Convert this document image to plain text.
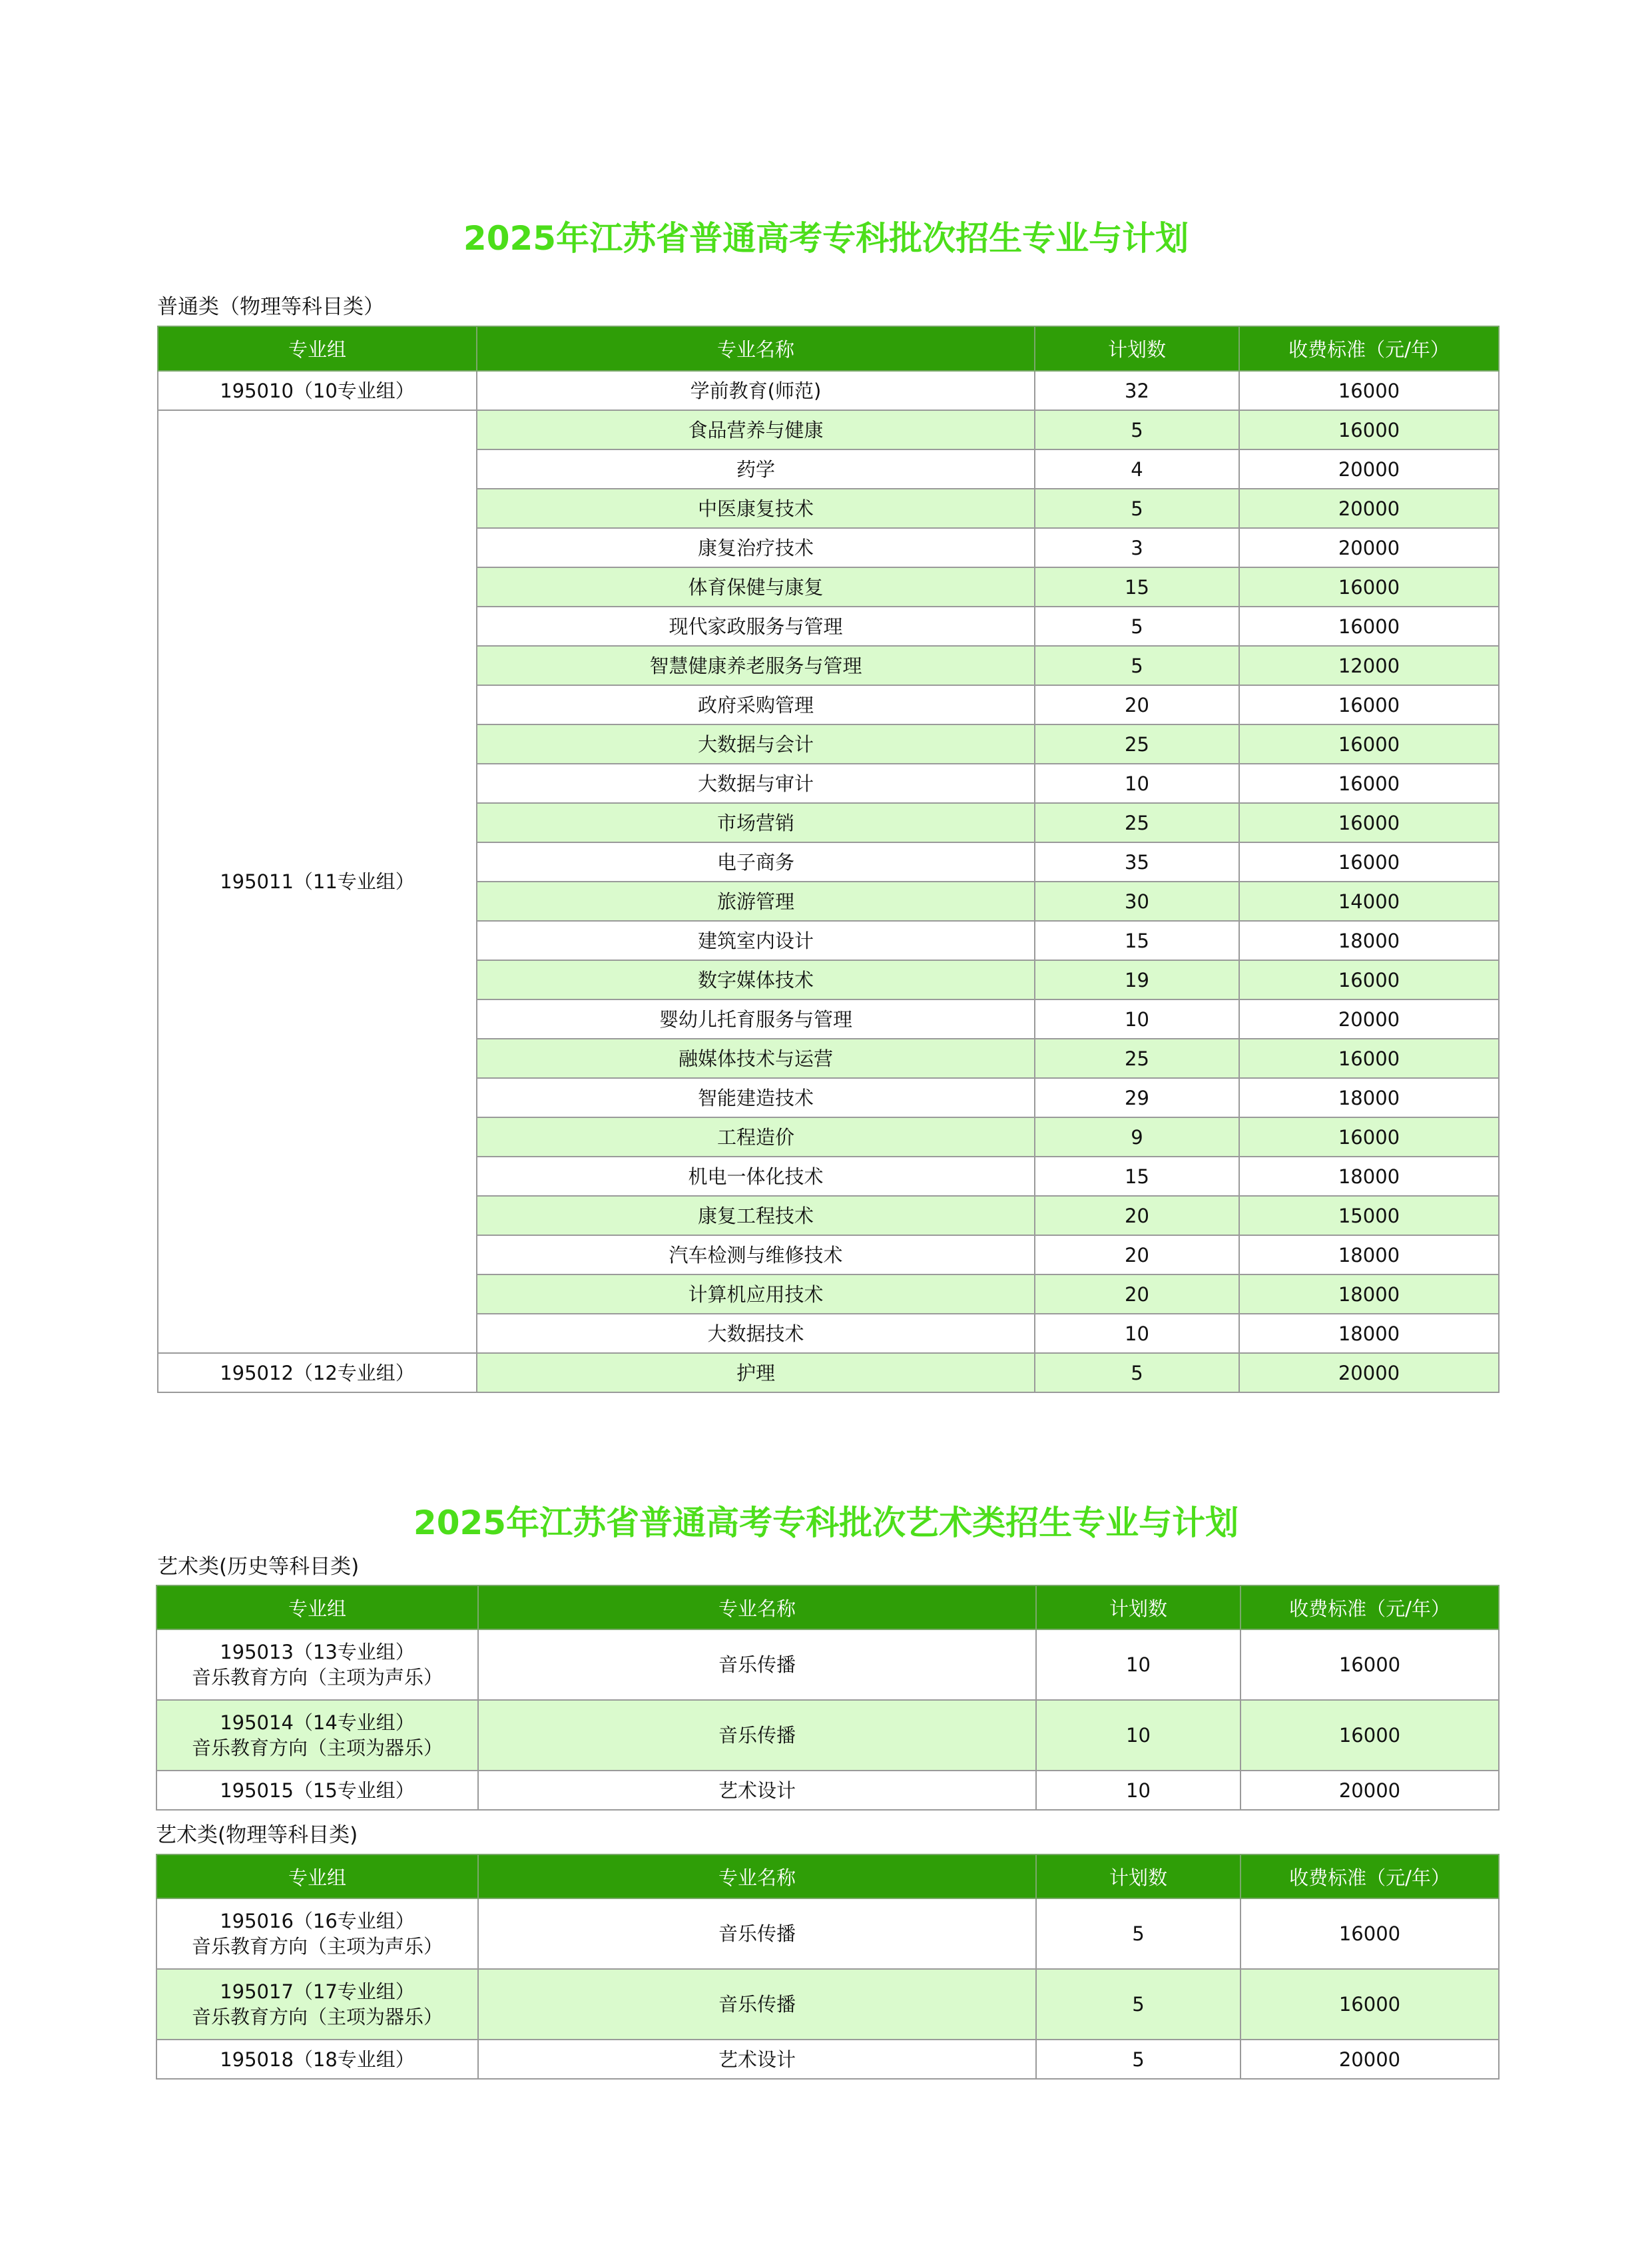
2025年江苏省普通高考专科批次招生专业与计划
普通类（物理等科目类）
专业组	专业名称	计划数	收费标准（元/年）
195010（10专业组）	学前教育(师范)	32	16000
195011（11专业组）	食品营养与健康	5	16000
	药学	4	20000
	中医康复技术	5	20000
	康复治疗技术	3	20000
	体育保健与康复	15	16000
	现代家政服务与管理	5	16000
	智慧健康养老服务与管理	5	12000
	政府采购管理	20	16000
	大数据与会计	25	16000
	大数据与审计	10	16000
	市场营销	25	16000
	电子商务	35	16000
	旅游管理	30	14000
	建筑室内设计	15	18000
	数字媒体技术	19	16000
	婴幼儿托育服务与管理	10	20000
	融媒体技术与运营	25	16000
	智能建造技术	29	18000
	工程造价	9	16000
	机电一体化技术	15	18000
	康复工程技术	20	15000
	汽车检测与维修技术	20	18000
	计算机应用技术	20	18000
	大数据技术	10	18000
195012（12专业组）	护理	5	20000
2025年江苏省普通高考专科批次艺术类招生专业与计划
艺术类(历史等科目类)
专业组	专业名称	计划数	收费标准（元/年）

195013（13专业组）
音乐教育方向（主项为声乐）	音乐传播	10	16000

195014（14专业组）
音乐教育方向（主项为器乐）	音乐传播	10	16000

195015（15专业组）	艺术设计	10	20000
艺术类(物理等科目类)
专业组	专业名称	计划数	收费标准（元/年）

195016（16专业组）
音乐教育方向（主项为声乐）	音乐传播	5	16000

195017（17专业组）
音乐教育方向（主项为器乐）	音乐传播	5	16000

195018（18专业组）	艺术设计	5	20000
